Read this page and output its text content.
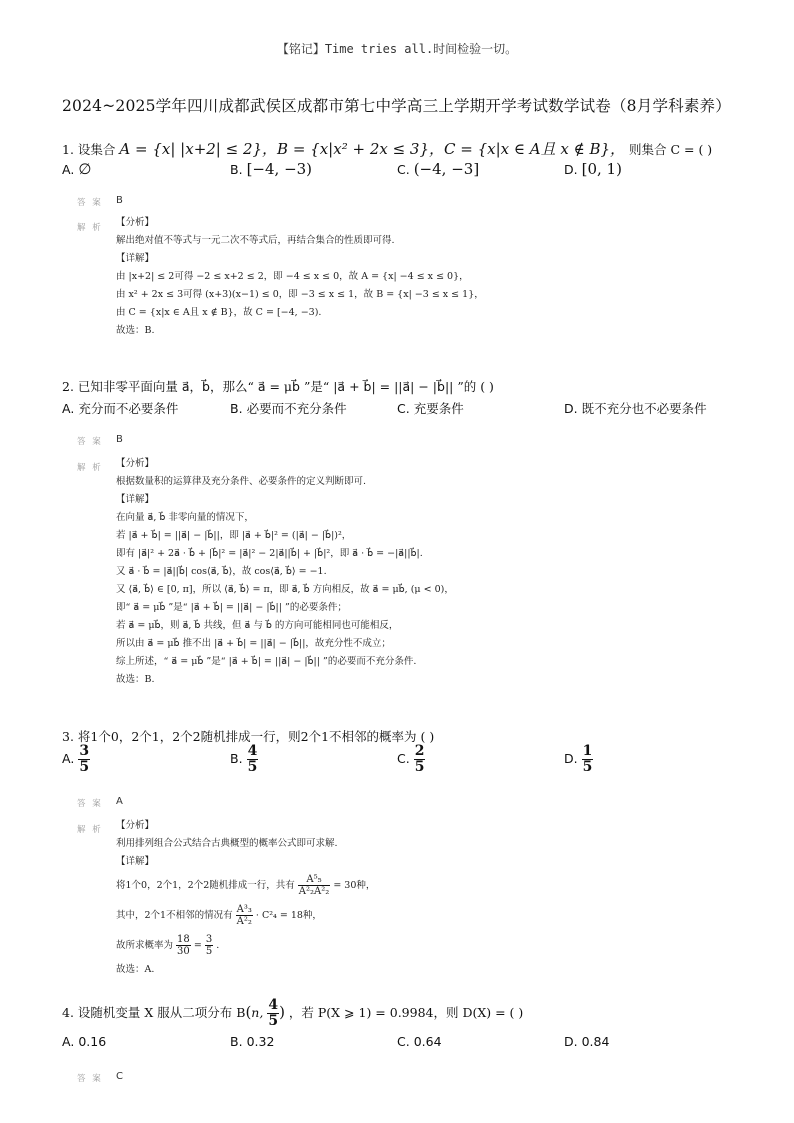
【铭记】Time tries all.时间检验一切。
2024~2025学年四川成都武侯区成都市第七中学高三上学期开学考试数学试卷（8月学科素养）
1. 设集合 A = {x| |x+2| ≤ 2}，B = {x|x² + 2x ≤ 3}，C = {x|x ∈ A且 x ∉ B}， 则集合 C = ( )
A. ∅	B. [−4, −3)	C. (−4, −3]	D. [0, 1)
答 案 B
解 析 【分析】
解出绝对值不等式与一元二次不等式后，再结合集合的性质即可得.
【详解】
由 |x+2| ≤ 2可得 −2 ≤ x+2 ≤ 2，即 −4 ≤ x ≤ 0，故 A = {x| −4 ≤ x ≤ 0}，
由 x² + 2x ≤ 3可得 (x+3)(x−1) ≤ 0，即 −3 ≤ x ≤ 1，故 B = {x| −3 ≤ x ≤ 1}，
由 C = {x|x ∈ A且 x ∉ B}，故 C = [−4, −3).
故选：B.
2. 已知非零平面向量 a⃗，b⃗，那么“ a⃗ = μb⃗ ”是“ |a⃗ + b⃗| = ||a⃗| − |b⃗|| ”的 ( )
A. 充分而不必要条件	B. 必要而不充分条件	C. 充要条件	D. 既不充分也不必要条件
答 案 B
解 析 【分析】
根据数量积的运算律及充分条件、必要条件的定义判断即可.
【详解】
在向量 a⃗, b⃗ 非零向量的情况下，
若 |a⃗ + b⃗| = ||a⃗| − |b⃗||，即 |a⃗ + b⃗|² = (|a⃗| − |b⃗|)²，
即有 |a⃗|² + 2a⃗ · b⃗ + |b⃗|² = |a⃗|² − 2|a⃗||b⃗| + |b⃗|²，即 a⃗ · b⃗ = −|a⃗||b⃗|.
又 a⃗ · b⃗ = |a⃗||b⃗| cos⟨a⃗, b⃗⟩，故 cos⟨a⃗, b⃗⟩ = −1.
又 ⟨a⃗, b⃗⟩ ∈ [0, π]，所以 ⟨a⃗, b⃗⟩ = π，即 a⃗, b⃗ 方向相反，故 a⃗ = μb⃗, (μ < 0)，
即“ a⃗ = μb⃗ ”是“ |a⃗ + b⃗| = ||a⃗| − |b⃗|| ”的必要条件；
若 a⃗ = μb⃗，则 a⃗, b⃗ 共线，但 a⃗ 与 b⃗ 的方向可能相同也可能相反，
所以由 a⃗ = μb⃗ 推不出 |a⃗ + b⃗| = ||a⃗| − |b⃗||，故充分性不成立；
综上所述，“ a⃗ = μb⃗ ”是“ |a⃗ + b⃗| = ||a⃗| − |b⃗|| ”的必要而不充分条件.
故选：B.
3. 将1个0，2个1，2个2随机排成一行，则2个1不相邻的概率为 ( )
A. $\frac{3}{5}$	B. $\frac{4}{5}$	C. $\frac{2}{5}$	D. $\frac{1}{5}$
答 案 A
解 析 【分析】
利用排列组合公式结合古典概型的概率公式即可求解.
【详解】
将1个0，2个1，2个2随机排成一行，共有 $\frac{\text{A⁵₅}}{\text{A²₂A²₂}} = 30$种，
其中，2个1不相邻的情况有 $\frac{\text{A³₃}}{\text{A²₂}} \cdot C^2_4 = 18$种，
故所求概率为 $\frac{18}{30} = \frac{3}{5}$ .
故选：A.
4. 设随机变量 X 服从二项分布 B(n, $\frac{4}{5}$ ) ，若 P(X ⩾ 1) = 0.9984，则 D(X) = ( )
A. 0.16	B. 0.32	C. 0.64	D. 0.84
答 案 C
